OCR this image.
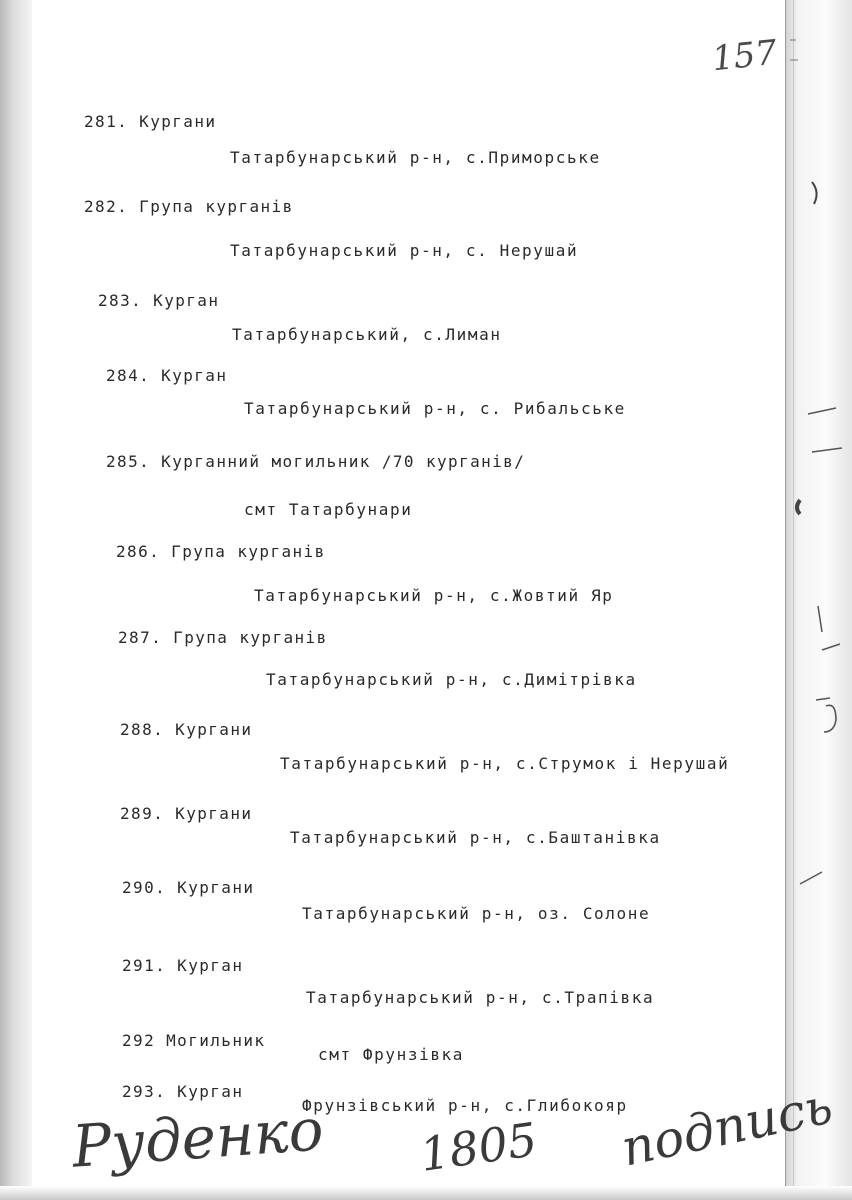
157
281. Кургани
Татарбунарський р-н, с.Приморське
282. Група курганів
Татарбунарський р-н, с. Нерушай
283. Курган
Татарбунарський, с.Лиман
284. Курган
Татарбунарський р-н, с. Рибальське
285. Курганний могильник /70 курганів/
смт Татарбунари
286. Група курганів
Татарбунарський р-н, с.Жовтий Яр
287. Група курганів
Татарбунарський р-н, с.Димітрівка
288. Кургани
Татарбунарський р-н, с.Струмок і Нерушай
289. Кургани
Татарбунарський р-н, с.Баштанівка
290. Кургани
Татарбунарський р-н, оз. Солоне
291. Курган
Татарбунарський р-н, с.Трапівка
292 Могильник
смт Фрунзівка
293. Курган
Фрунзівський р-н, с.Глибокояр
Руденко 1805 подпись
